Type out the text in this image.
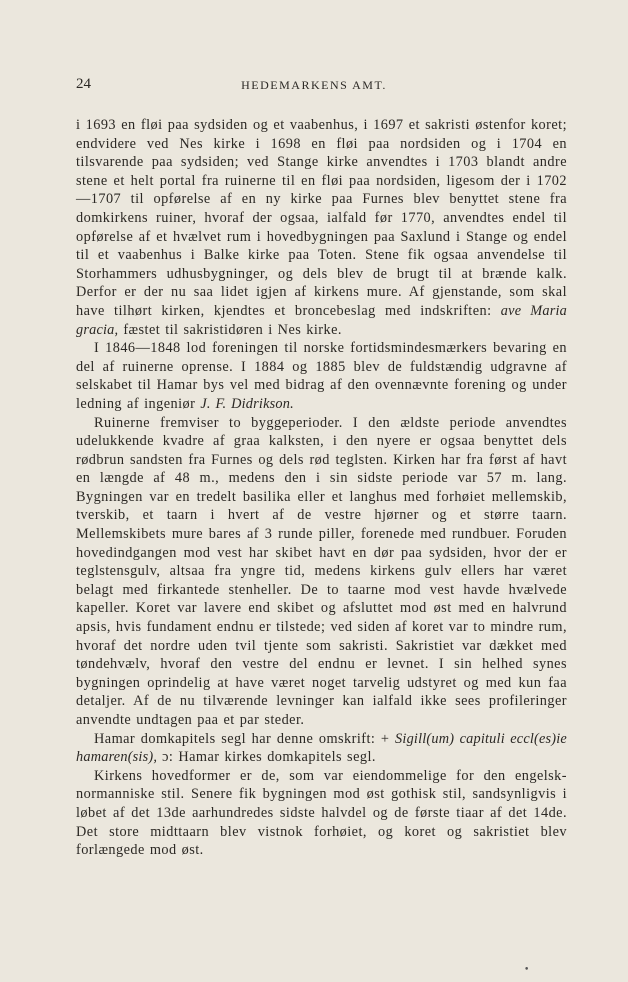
24	HEDEMARKENS AMT.

i 1693 en fløi paa sydsiden og et vaabenhus, i 1697 et sakristi østenfor koret; endvidere ved Nes kirke i 1698 en fløi paa nordsiden og i 1704 en tilsvarende paa sydsiden; ved Stange kirke anvendtes i 1703 blandt andre stene et helt portal fra ruinerne til en fløi paa nordsiden, ligesom der i 1702—1707 til opførelse af en ny kirke paa Furnes blev benyttet stene fra domkirkens ruiner, hvoraf der ogsaa, ialfald før 1770, anvendtes endel til opførelse af et hvælvet rum i hovedbygningen paa Saxlund i Stange og endel til et vaabenhus i Balke kirke paa Toten. Stene fik ogsaa anvendelse til Storhammers udhusbygninger, og dels blev de brugt til at brænde kalk. Derfor er der nu saa lidet igjen af kirkens mure. Af gjenstande, som skal have tilhørt kirken, kjendtes et broncebeslag med indskriften: ave Maria gracia, fæstet til sakristidøren i Nes kirke.

I 1846—1848 lod foreningen til norske fortidsmindesmærkers bevaring en del af ruinerne oprense. I 1884 og 1885 blev de fuldstændig udgravne af selskabet til Hamar bys vel med bidrag af den ovennævnte forening og under ledning af ingeniør J. F. Didrikson.

Ruinerne fremviser to byggeperioder. I den ældste periode anvendtes udelukkende kvadre af graa kalksten, i den nyere er ogsaa benyttet dels rødbrun sandsten fra Furnes og dels rød teglsten. Kirken har fra først af havt en længde af 48 m., medens den i sin sidste periode var 57 m. lang. Bygningen var en tredelt basilika eller et langhus med forhøiet mellemskib, tverskib, et taarn i hvert af de vestre hjørner og et større taarn. Mellemskibets mure bares af 3 runde piller, forenede med rundbuer. Foruden hovedindgangen mod vest har skibet havt en dør paa sydsiden, hvor der er teglstensgulv, altsaa fra yngre tid, medens kirkens gulv ellers har været belagt med firkantede stenheller. De to taarne mod vest havde hvælvede kapeller. Koret var lavere end skibet og afsluttet mod øst med en halvrund apsis, hvis fundament endnu er tilstede; ved siden af koret var to mindre rum, hvoraf det nordre uden tvil tjente som sakristi. Sakristiet var dækket med tøndehvælv, hvoraf den vestre del endnu er levnet. I sin helhed synes bygningen oprindelig at have været noget tarvelig udstyret og med kun faa detaljer. Af de nu tilværende levninger kan ialfald ikke sees profileringer anvendte undtagen paa et par steder.

Hamar domkapitels segl har denne omskrift: + Sigill(um) capituli eccl(es)ie hamaren(sis), ɔ: Hamar kirkes domkapitels segl.

Kirkens hovedformer er de, som var eiendommelige for den engelsk-normanniske stil. Senere fik bygningen mod øst gothisk stil, sandsynligvis i løbet af det 13de aarhundredes sidste halvdel og de første tiaar af det 14de. Det store midttaarn blev vistnok forhøiet, og koret og sakristiet blev forlængede mod øst.

•
